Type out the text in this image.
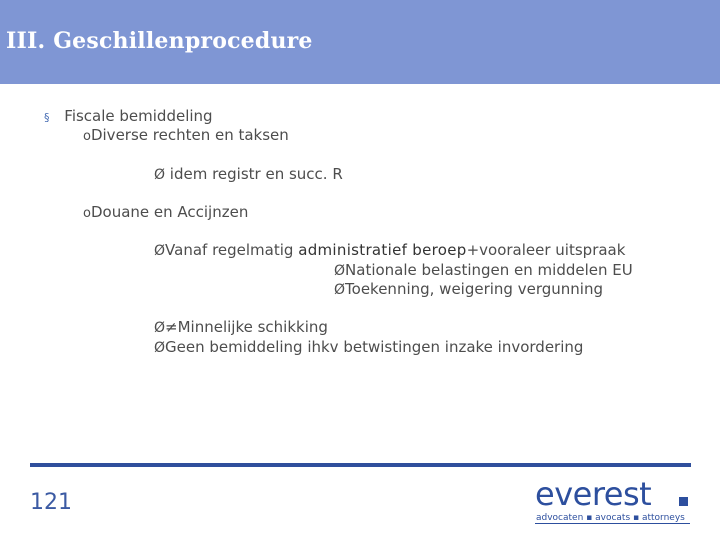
III. Geschillenprocedure
§ Fiscale bemiddeling
oDiverse rechten en taksen
Ø idem registr en succ. R
oDouane en Accijnzen
ØVanaf regelmatig administratief beroep+vooraleer uitspraak
ØNationale belastingen en middelen EU
ØToekenning, weigering vergunning
Ø≠Minnelijke schikking
ØGeen bemiddeling ihkv betwistingen inzake invordering
121	everest
advocaten ▪ avocats ▪ attorneys
